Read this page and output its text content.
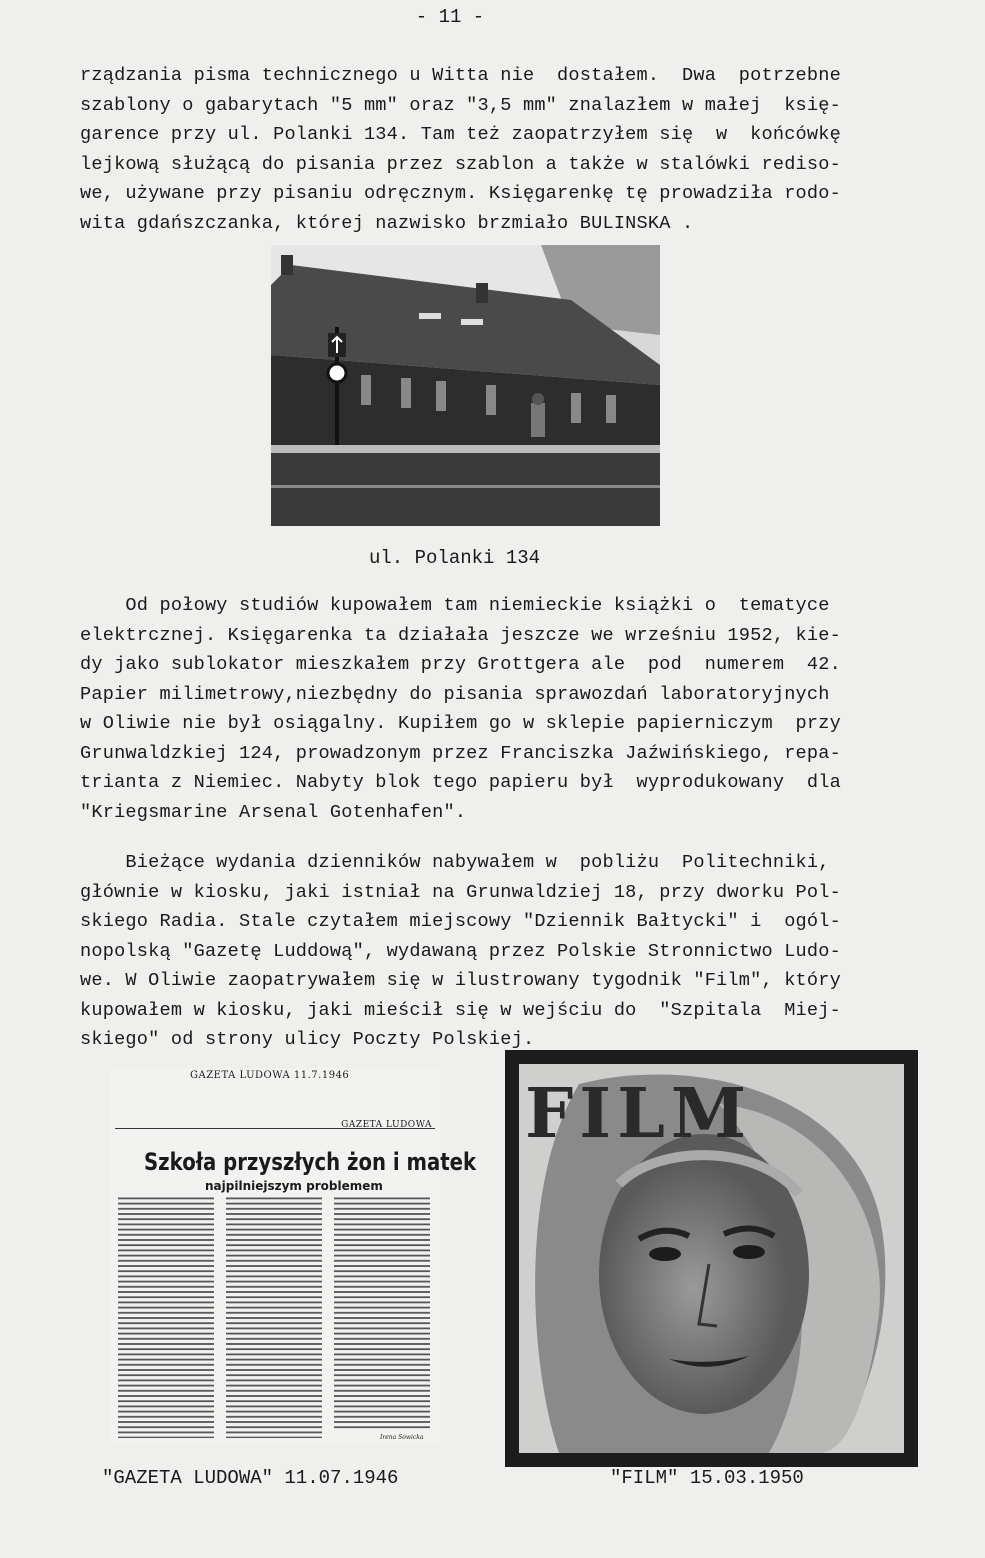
- 11 -
rządzania pisma technicznego u Witta nie  dostałem.  Dwa  potrzebne
szablony o gabarytach "5 mm" oraz "3,5 mm" znalazłem w małej  księ-
garence przy ul. Polanki 134. Tam też zaopatrzyłem się  w  końcówkę
lejkową służącą do pisania przez szablon a także w stalówki rediso-
we, używane przy pisaniu odręcznym. Księgarenkę tę prowadziła rodo-
wita gdańszczanka, której nazwisko brzmiało BULINSKA .
ul. Polanki 134
Od połowy studiów kupowałem tam niemieckie książki o  tematyce
elektrcznej. Księgarenka ta działała jeszcze we wrześniu 1952, kie-
dy jako sublokator mieszkałem przy Grottgera ale  pod  numerem  42.
Papier milimetrowy,niezbędny do pisania sprawozdań laboratoryjnych
w Oliwie nie był osiągalny. Kupiłem go w sklepie papierniczym  przy
Grunwaldzkiej 124, prowadzonym przez Franciszka Jaźwińskiego, repa-
trianta z Niemiec. Nabyty blok tego papieru był  wyprodukowany  dla
"Kriegsmarine Arsenal Gotenhafen".
Bieżące wydania dzienników nabywałem w  pobliżu  Politechniki,
głównie w kiosku, jaki istniał na Grunwaldziej 18, przy dworku Pol-
skiego Radia. Stale czytałem miejscowy "Dziennik Bałtycki" i  ogól-
nopolską "Gazetę Luddową", wydawaną przez Polskie Stronnictwo Ludo-
we. W Oliwie zaopatrywałem się w ilustrowany tygodnik "Film", który
kupowałem w kiosku, jaki mieścił się w wejściu do  "Szpitala  Miej-
skiego" od strony ulicy Poczty Polskiej.
GAZETA LUDOWA 11.7.1946
GAZETA LUDOWA
Szkoła przyszłych żon i matek
najpilniejszym problemem
Irena Sowicka
FILM
"GAZETA LUDOWA" 11.07.1946	"FILM" 15.03.1950
